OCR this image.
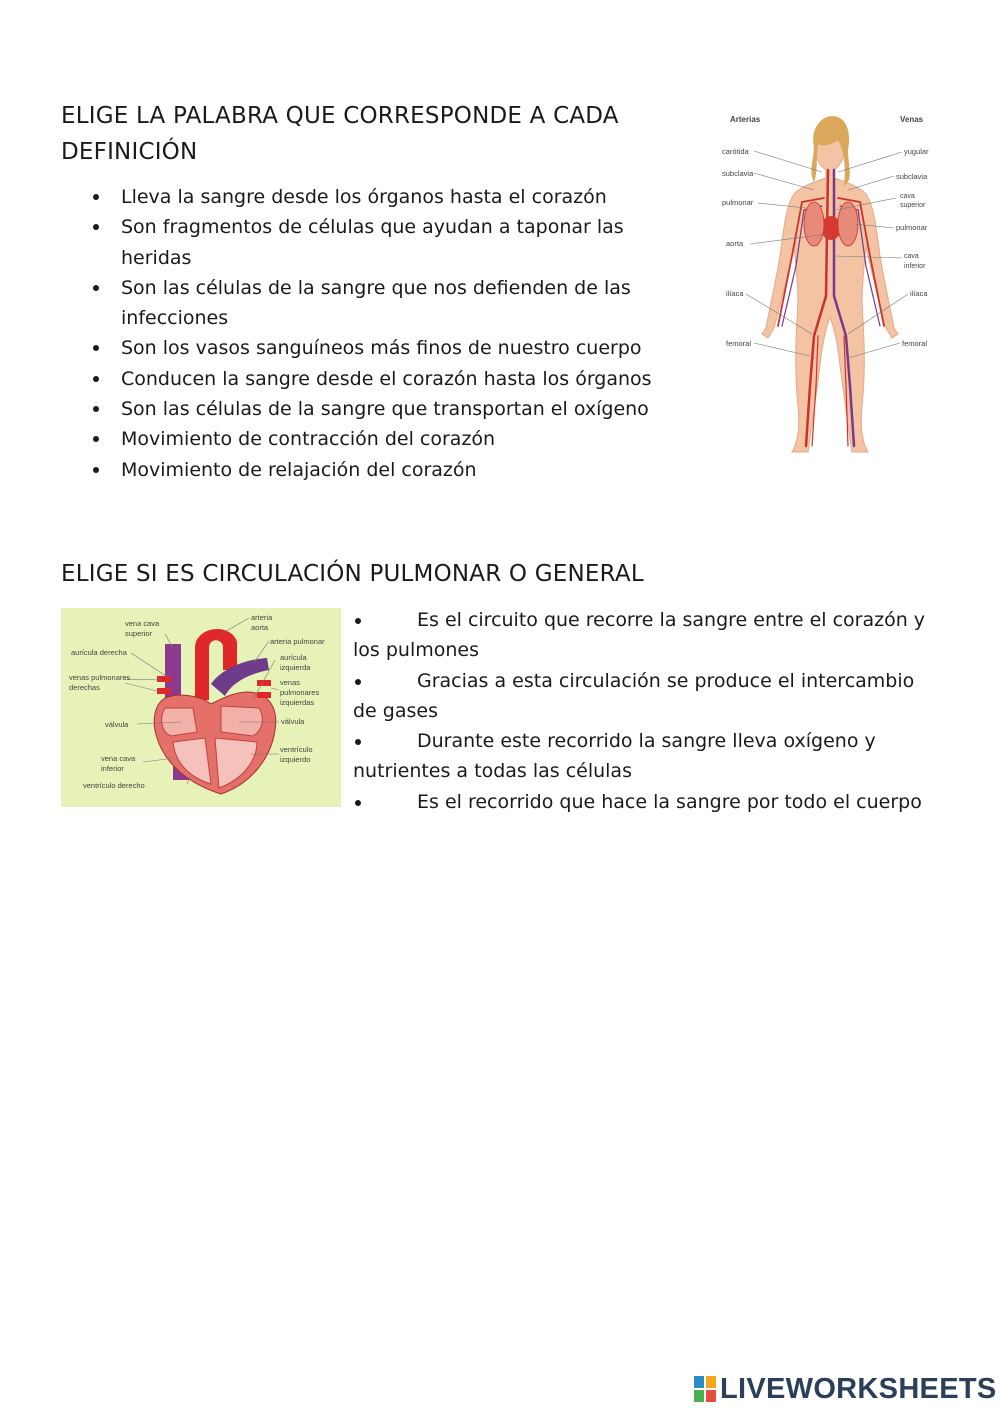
ELIGE LA PALABRA QUE CORRESPONDE A CADA DEFINICIÓN
Lleva la sangre desde los órganos hasta el corazón
Son fragmentos de células que ayudan a taponar las heridas
Son las células de la sangre que nos defienden de las infecciones
Son los vasos sanguíneos más finos de nuestro cuerpo
Conducen la sangre desde el corazón hasta los órganos
Son las células de la sangre que transportan el oxígeno
Movimiento de contracción del corazón
Movimiento de relajación del corazón
Arterias	Venas
carótida
subclavia
pulmonar
aorta
ilíaca
femoral
yugular
subclavia
cava
superior
pulmonar
cava
inferior
ilíaca
femoral
ELIGE SI ES CIRCULACIÓN PULMONAR O GENERAL
vena cava
superior
arteria
aorta
arteria pulmonar
aurícula derecha
aurícula
izquierda
venas pulmonares
derechas
venas
pulmonares
izquierdas
válvula	válvula
vena cava
inferior
ventrículo
izquierdo
ventrículo derecho

Es el circuito que recorre la sangre entre el corazón y los pulmones

Gracias a esta circulación se produce el intercambio de gases

Durante este recorrido la sangre lleva oxígeno y nutrientes a todas las células

Es el recorrido que hace la sangre por todo el cuerpo

LIVEWORKSHEETS
